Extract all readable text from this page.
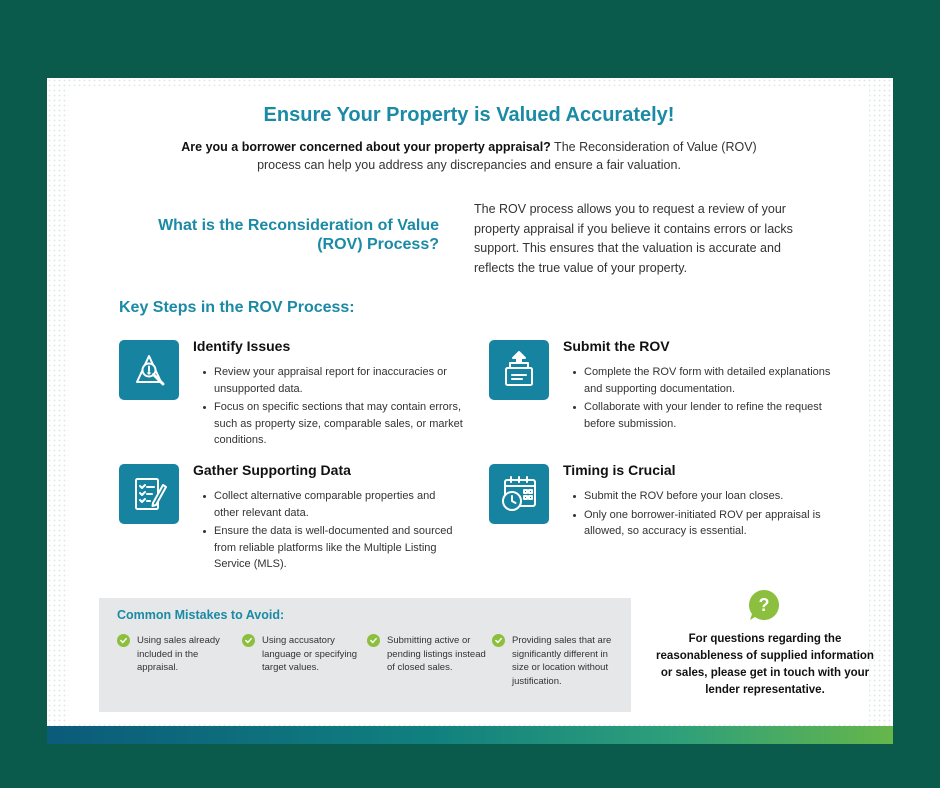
Ensure Your Property is Valued Accurately!

Are you a borrower concerned about your property appraisal? The Reconsideration of Value (ROV) process can help you address any discrepancies and ensure a fair valuation.

What is the Reconsideration of Value
(ROV) Process?

The ROV process allows you to request a review of your property appraisal if you believe it contains errors or lacks support. This ensures that the valuation is accurate and reflects the true value of your property.

Key Steps in the ROV Process:
Identify Issues
Review your appraisal report for inaccuracies or unsupported data.
Focus on specific sections that may contain errors, such as property size, comparable sales, or market conditions.
Submit the ROV
Complete the ROV form with detailed explanations and supporting documentation.
Collaborate with your lender to refine the request before submission.
Gather Supporting Data
Collect alternative comparable properties and other relevant data.
Ensure the data is well-documented and sourced from reliable platforms like the Multiple Listing Service (MLS).
Timing is Crucial
Submit the ROV before your loan closes.
Only one borrower-initiated ROV per appraisal is allowed, so accuracy is essential.
Common Mistakes to Avoid:
Using sales already included in the appraisal.
Using accusatory language or specifying target values.
Submitting active or pending listings instead of closed sales.
Providing sales that are significantly different in size or location without justification.
?

For questions regarding the reasonableness of supplied information or sales, please get in touch with your lender representative.
